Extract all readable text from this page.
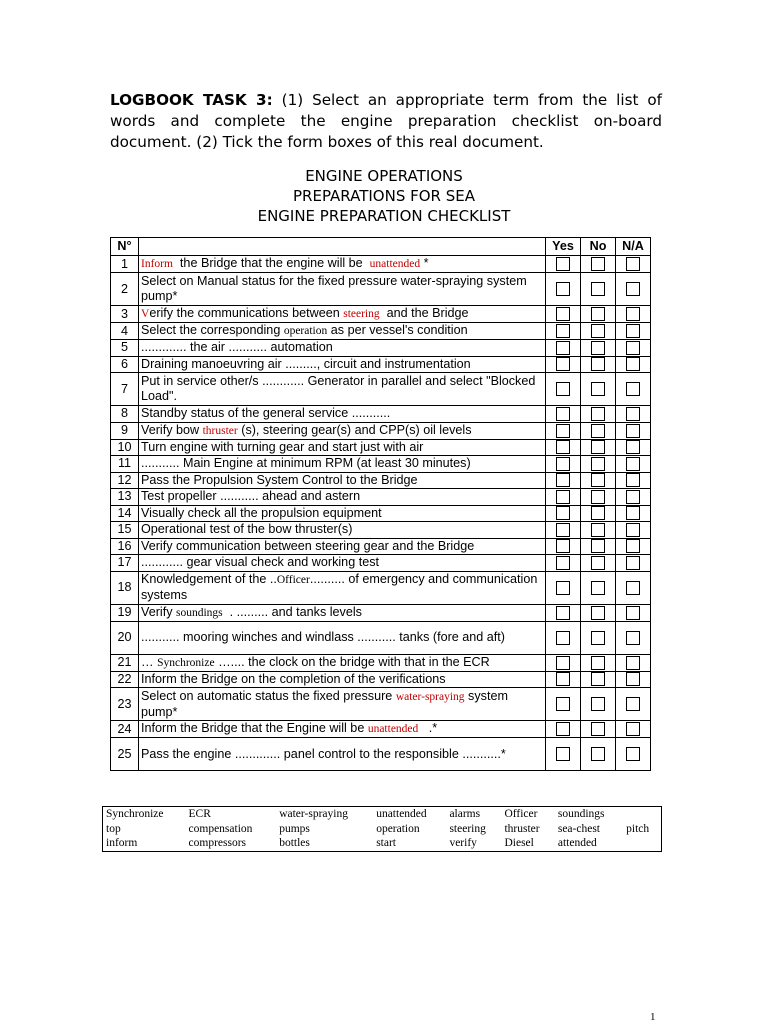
LOGBOOK TASK 3: (1) Select an appropriate term from the list of words and complete the engine preparation checklist on-board document. (2) Tick the form boxes of this real document.
ENGINE OPERATIONS
PREPARATIONS FOR SEA
ENGINE PREPARATION CHECKLIST
N°		Yes	No	N/A
1	Inform  the Bridge that the engine will be  unattended *			
2	Select on Manual status for the fixed pressure water-spraying system pump*			
3	Verify the communications between steering  and the Bridge			
4	Select the corresponding operation as per vessel's condition			
5	............. the air ........... automation			
6	Draining manoeuvring air ........., circuit and instrumentation			
7	Put in service other/s ............ Generator in parallel and select "Blocked Load".			
8	Standby status of the general service ...........			
9	Verify bow thruster (s), steering gear(s) and CPP(s) oil levels			
10	Turn engine with turning gear and start just with air			
11	........... Main Engine at minimum RPM (at least 30 minutes)			
12	Pass the Propulsion System Control to the Bridge			
13	Test propeller ........... ahead and astern			
14	Visually check all the propulsion equipment			
15	Operational test of the bow thruster(s)			
16	Verify communication between steering gear and the Bridge			
17	............ gear visual check and working test			
18	Knowledgement of the ..Officer.......... of emergency and communication systems			
19	Verify soundings  . ......... and tanks levels			
20	........... mooring winches and windlass ........... tanks (fore and aft)			
21	… Synchronize ….... the clock on the bridge with that in the ECR			
22	Inform the Bridge on the completion of the verifications			
23	Select on automatic status the fixed pressure water-spraying system pump*			
24	Inform the Bridge that the Engine will be unattended   .*			
25	Pass the engine ............. panel control to the responsible ...........*			
Synchronize	ECR	water-spraying	unattended	alarms	Officer	soundings	
top	compensation	pumps	operation	steering	thruster	sea-chest	pitch
inform	compressors	bottles	start	verify	Diesel	attended	
1
